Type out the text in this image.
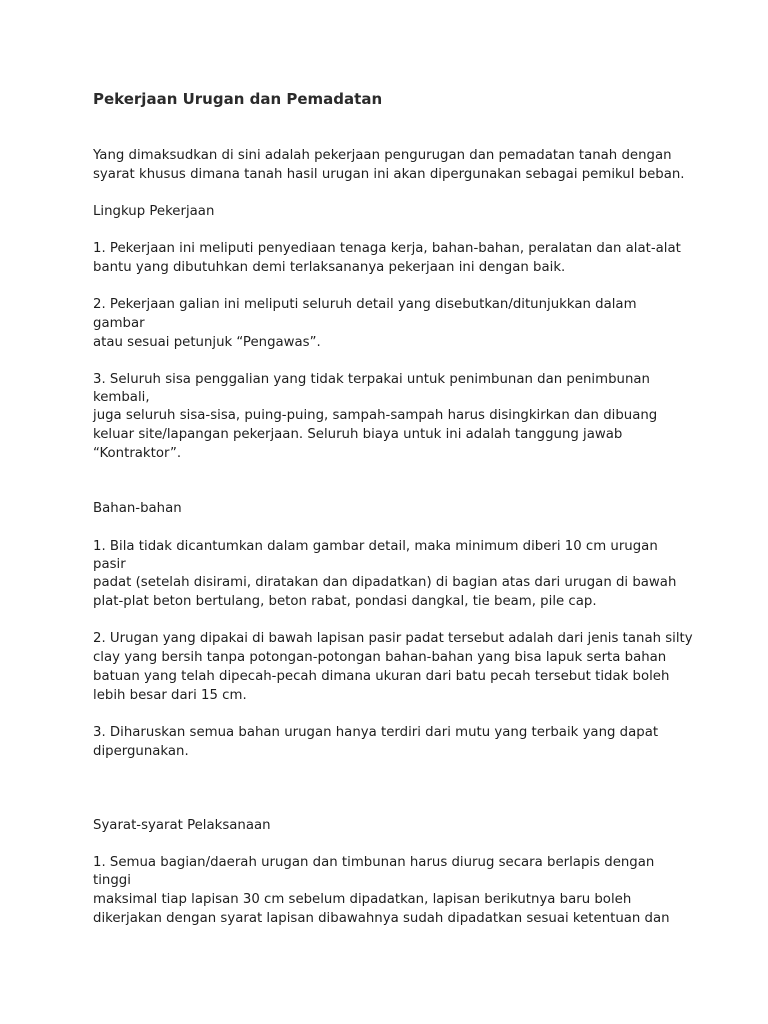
Pekerjaan Urugan dan Pemadatan

Yang dimaksudkan di sini adalah pekerjaan pengurugan dan pemadatan tanah dengan

syarat khusus dimana tanah hasil urugan ini akan dipergunakan sebagai pemikul beban.

Lingkup Pekerjaan

1. Pekerjaan ini meliputi penyediaan tenaga kerja, bahan-bahan, peralatan dan alat-alat

bantu yang dibutuhkan demi terlaksananya pekerjaan ini dengan baik.

2. Pekerjaan galian ini meliputi seluruh detail yang disebutkan/ditunjukkan dalam

gambar

atau sesuai petunjuk “Pengawas”.

3. Seluruh sisa penggalian yang tidak terpakai untuk penimbunan dan penimbunan

kembali,

juga seluruh sisa-sisa, puing-puing, sampah-sampah harus disingkirkan dan dibuang

keluar site/lapangan pekerjaan. Seluruh biaya untuk ini adalah tanggung jawab

“Kontraktor”.

Bahan-bahan

1. Bila tidak dicantumkan dalam gambar detail, maka minimum diberi 10 cm urugan

pasir

padat (setelah disirami, diratakan dan dipadatkan) di bagian atas dari urugan di bawah

plat-plat beton bertulang, beton rabat, pondasi dangkal, tie beam, pile cap.

2. Urugan yang dipakai di bawah lapisan pasir padat tersebut adalah dari jenis tanah silty

clay yang bersih tanpa potongan-potongan bahan-bahan yang bisa lapuk serta bahan

batuan yang telah dipecah-pecah dimana ukuran dari batu pecah tersebut tidak boleh

lebih besar dari 15 cm.

3. Diharuskan semua bahan urugan hanya terdiri dari mutu yang terbaik yang dapat

dipergunakan.

Syarat-syarat Pelaksanaan

1. Semua bagian/daerah urugan dan timbunan harus diurug secara berlapis dengan

tinggi

maksimal tiap lapisan 30 cm sebelum dipadatkan, lapisan berikutnya baru boleh

dikerjakan dengan syarat lapisan dibawahnya sudah dipadatkan sesuai ketentuan dan
